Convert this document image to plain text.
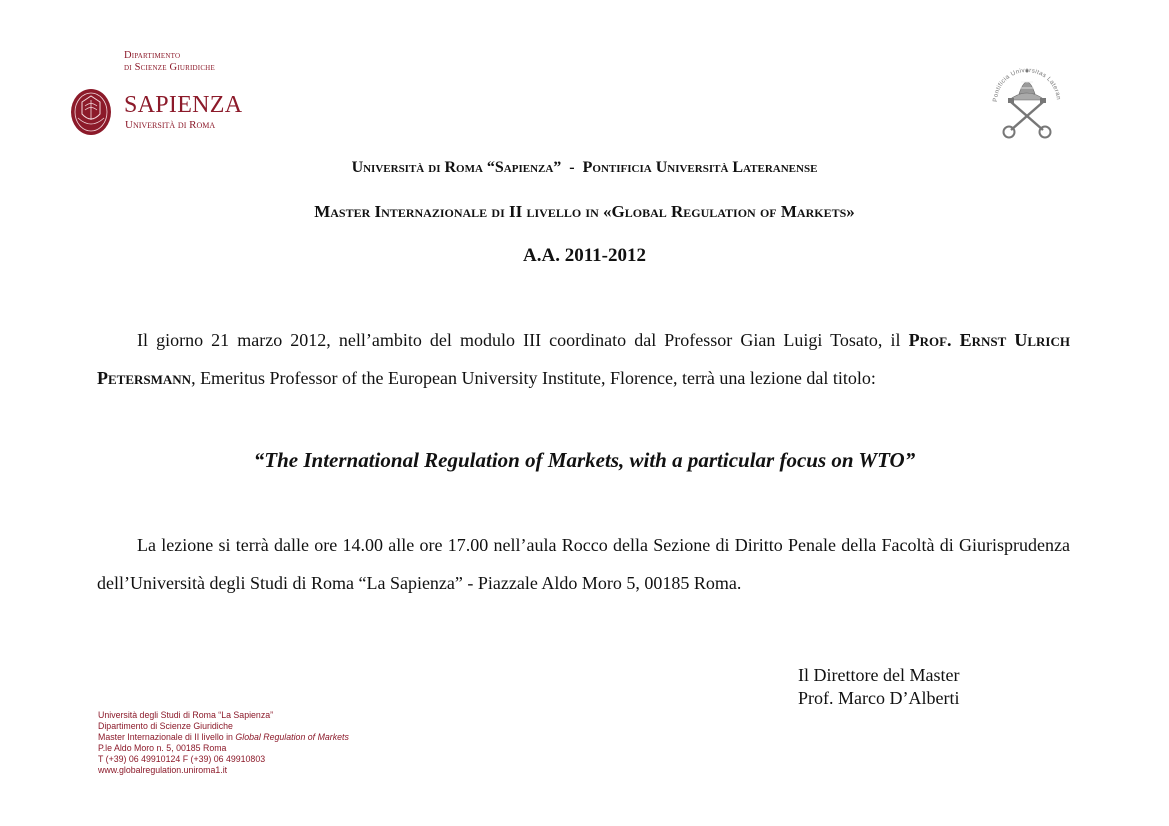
Dipartimento
di Scienze Giuridiche
SAPIENZA
Università di Roma
Pontificia Univ rsitas Lateran
Università di Roma “Sapienza”  -  Pontificia Università Lateranense
Master Internazionale di II livello in «Global Regulation of Markets»
A.A. 2011-2012
Il giorno 21 marzo 2012, nell’ambito del modulo III coordinato dal Professor Gian Luigi Tosato, il Prof. Ernst Ulrich Petersmann, Emeritus Professor of the European University Institute, Florence, terrà una lezione dal titolo:
“The International Regulation of Markets, with a particular focus on WTO”
La lezione si terrà dalle ore 14.00 alle ore 17.00 nell’aula Rocco della Sezione di Diritto Penale della Facoltà di Giurisprudenza dell’Università degli Studi di Roma “La Sapienza” - Piazzale Aldo Moro 5, 00185 Roma.
Il Direttore del Master
Prof. Marco D’Alberti
Università degli Studi di Roma “La Sapienza”
Dipartimento di Scienze Giuridiche
Master Internazionale di II livello in Global Regulation of Markets
P.le Aldo Moro n. 5, 00185 Roma
T (+39) 06 49910124 F (+39) 06 49910803
www.globalregulation.uniroma1.it
